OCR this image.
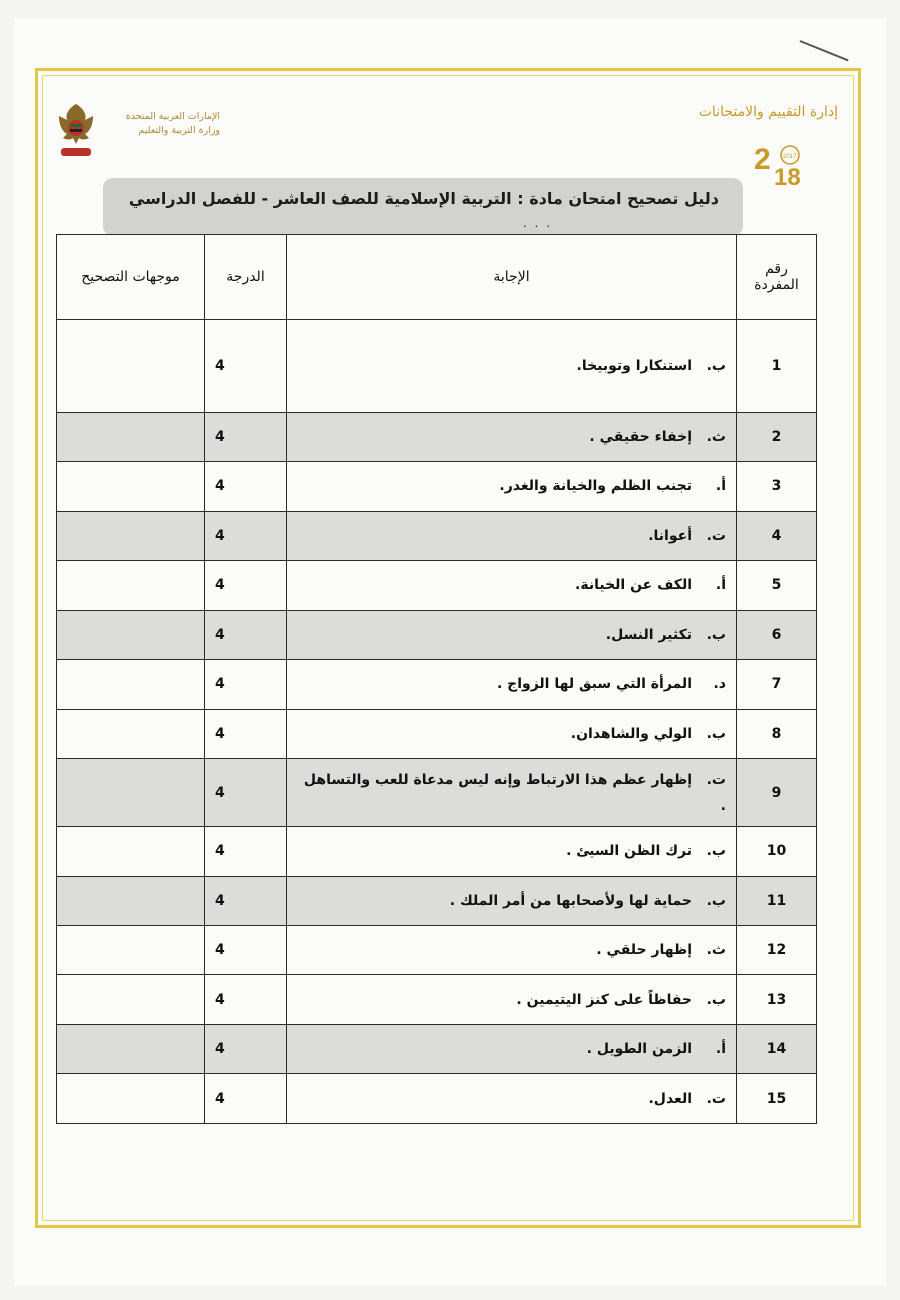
إدارة التقييم والامتحانات
2
18
2017
الإمارات العربية المتحدة
وزارة التربية والتعليم
دليل تصحيح امتحان مادة : التربية الإسلامية للصف العاشر - للفصل الدراسي
. . .
رقم المفردة	الإجابة	الدرجة	موجهات التصحيح
1	ب.استنكارا وتوبيخا.	4	
2	ث.إخفاء حقيقي .	4	
3	أ.تجنب الظلم والخيانة والغدر.	4	
4	ت.أعوانا.	4	
5	أ.الكف عن الخيانة.	4	
6	ب.تكثير النسل.	4	
7	د.المرأة التي سبق لها الزواج .	4	
8	ب.الولي والشاهدان.	4	
9	ت.إظهار عظم هذا الارتباط وإنه ليس مدعاة للعب والتساهل .	4	
10	ب.ترك الظن السيئ .	4	
11	ب.حماية لها ولأصحابها من أمر الملك .	4	
12	ث.إظهار حلقي .	4	
13	ب.حفاظاً على كنز اليتيمين .	4	
14	أ.الزمن الطويل .	4	
15	ت.العدل.	4	
